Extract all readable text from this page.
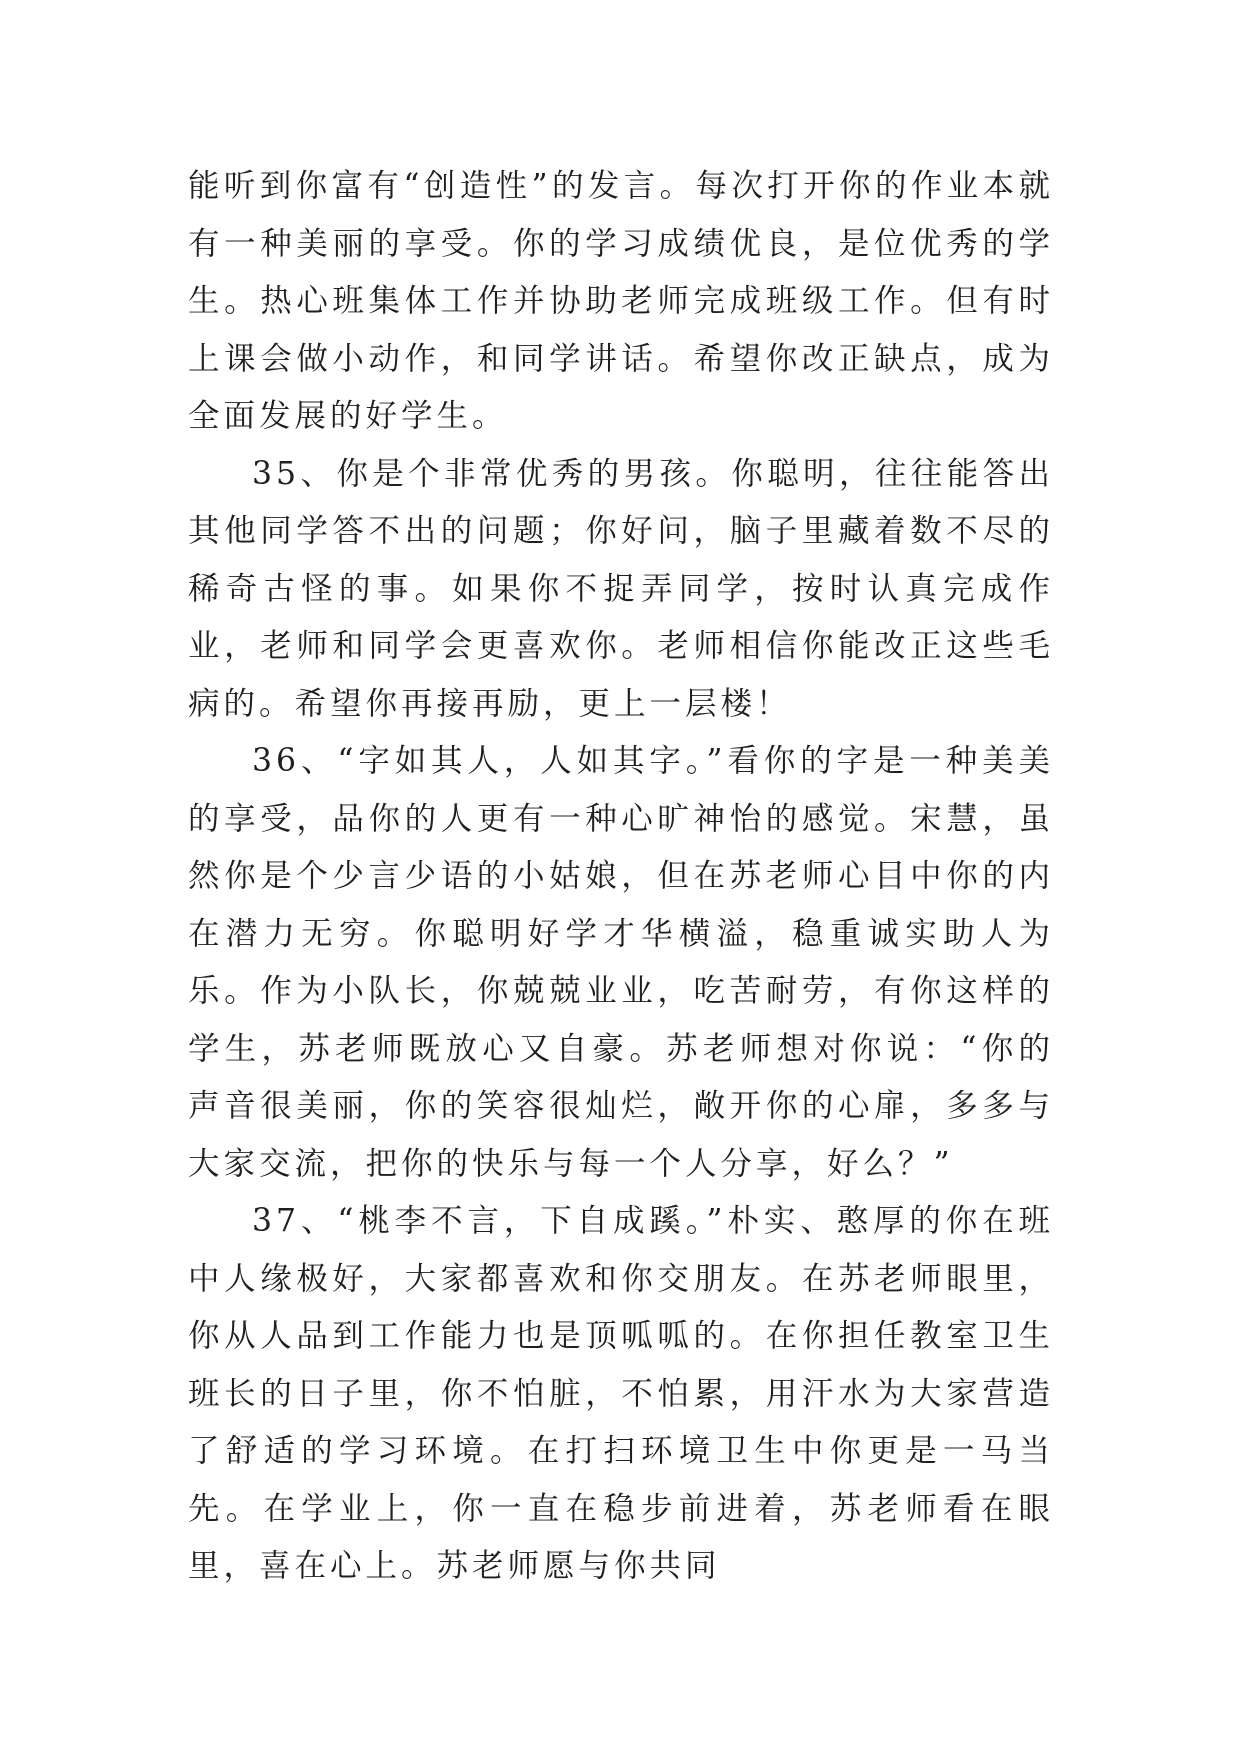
能听到你富有“创造性”的发言。每次打开你的作业本就有一种美丽的享受。你的学习成绩优良，是位优秀的学生。热心班集体工作并协助老师完成班级工作。但有时上课会做小动作，和同学讲话。希望你改正缺点，成为全面发展的好学生。

35、你是个非常优秀的男孩。你聪明，往往能答出其他同学答不出的问题；你好问，脑子里藏着数不尽的稀奇古怪的事。如果你不捉弄同学，按时认真完成作业，老师和同学会更喜欢你。老师相信你能改正这些毛病的。希望你再接再励，更上一层楼！

36、“字如其人，人如其字。”看你的字是一种美美的享受，品你的人更有一种心旷神怡的感觉。宋慧，虽然你是个少言少语的小姑娘，但在苏老师心目中你的内在潜力无穷。你聪明好学才华横溢，稳重诚实助人为乐。作为小队长，你兢兢业业，吃苦耐劳，有你这样的学生，苏老师既放心又自豪。苏老师想对你说：“你的声音很美丽，你的笑容很灿烂，敞开你的心扉，多多与大家交流，把你的快乐与每一个人分享，好么？”

37、“桃李不言，下自成蹊。”朴实、憨厚的你在班中人缘极好，大家都喜欢和你交朋友。在苏老师眼里，你从人品到工作能力也是顶呱呱的。在你担任教室卫生班长的日子里，你不怕脏，不怕累，用汗水为大家营造了舒适的学习环境。在打扫环境卫生中你更是一马当先。在学业上，你一直在稳步前进着，苏老师看在眼里，喜在心上。苏老师愿与你共同
